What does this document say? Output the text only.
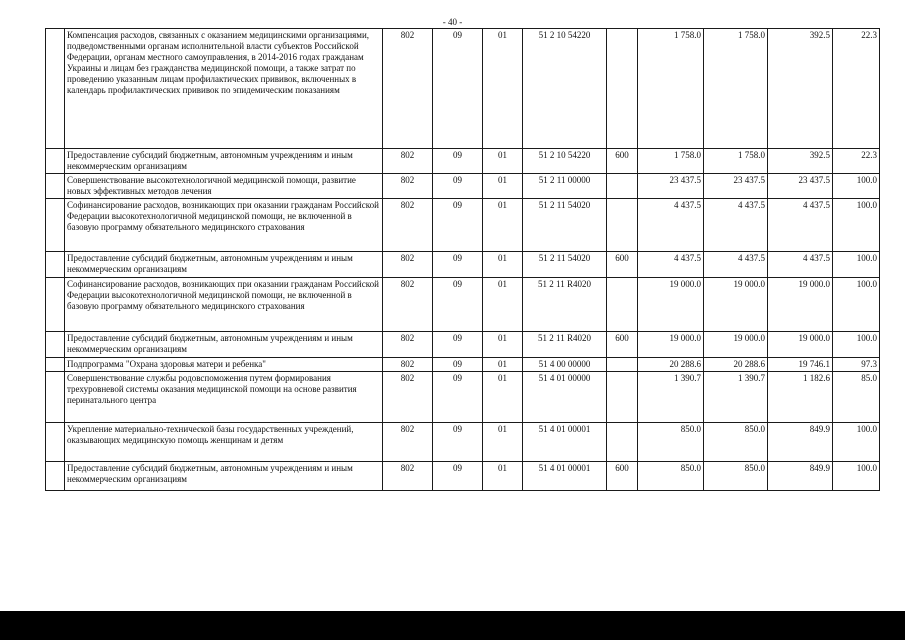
- 40 -
	Компенсация расходов, связанных с оказанием медицинскими организациями, подведомственными органам исполнительной власти субъектов Российской Федерации, органам местного самоуправления, в 2014-2016 годах гражданам Украины и лицам без гражданства медицинской помощи, а также затрат по проведению указанным лицам профилактических прививок, включенных в календарь профилактических прививок по эпидемическим показаниям	802	09	01	51 2 10 54220		1 758.0	1 758.0	392.5	22.3
	Предоставление субсидий бюджетным, автономным учреждениям и иным некоммерческим организациям	802	09	01	51 2 10 54220	600	1 758.0	1 758.0	392.5	22.3
	Совершенствование высокотехнологичной медицинской помощи, развитие новых эффективных методов лечения	802	09	01	51 2 11 00000		23 437.5	23 437.5	23 437.5	100.0
	Софинансирование расходов, возникающих при оказании гражданам Российской Федерации высокотехнологичной медицинской помощи, не включенной в базовую программу обязательного медицинского страхования	802	09	01	51 2 11 54020		4 437.5	4 437.5	4 437.5	100.0
	Предоставление субсидий бюджетным, автономным учреждениям и иным некоммерческим организациям	802	09	01	51 2 11 54020	600	4 437.5	4 437.5	4 437.5	100.0
	Софинансирование расходов, возникающих при оказании гражданам Российской Федерации высокотехнологичной медицинской помощи, не включенной в базовую программу обязательного медицинского страхования	802	09	01	51 2 11 R4020		19 000.0	19 000.0	19 000.0	100.0
	Предоставление субсидий бюджетным, автономным учреждениям и иным некоммерческим организациям	802	09	01	51 2 11 R4020	600	19 000.0	19 000.0	19 000.0	100.0
	Подпрограмма "Охрана здоровья матери и ребенка"	802	09	01	51 4 00 00000		20 288.6	20 288.6	19 746.1	97.3
	Совершенствование службы родовспоможения путем формирования трехуровневой системы оказания медицинской помощи на основе развития перинатального центра	802	09	01	51 4 01 00000		1 390.7	1 390.7	1 182.6	85.0
	Укрепление материально-технической базы государственных учреждений, оказывающих медицинскую помощь женщинам и детям	802	09	01	51 4 01 00001		850.0	850.0	849.9	100.0
	Предоставление субсидий бюджетным, автономным учреждениям и иным некоммерческим организациям	802	09	01	51 4 01 00001	600	850.0	850.0	849.9	100.0
